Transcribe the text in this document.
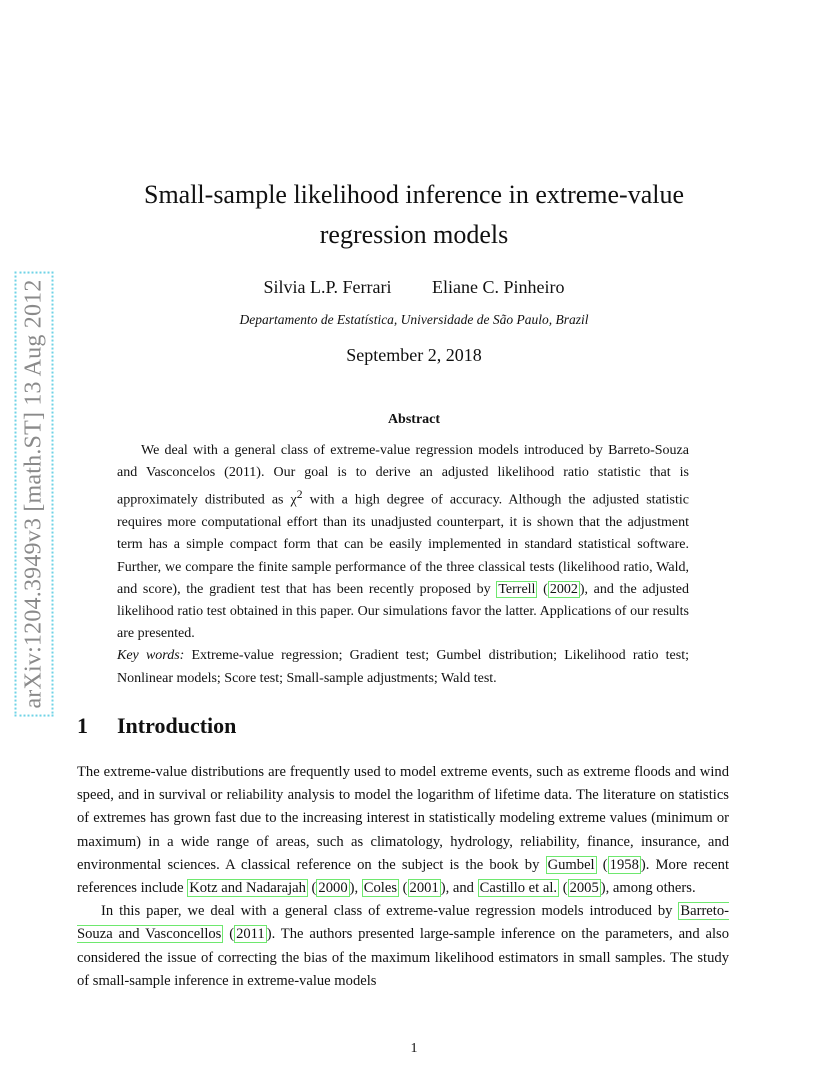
arXiv:1204.3949v3 [math.ST] 13 Aug 2012
Small-sample likelihood inference in extreme-value
regression models
Silvia L.P. Ferrari Eliane C. Pinheiro
Departamento de Estatística, Universidade de São Paulo, Brazil
September 2, 2018
Abstract

We deal with a general class of extreme-value regression models introduced by Barreto-Souza and Vasconcelos (2011). Our goal is to derive an adjusted likelihood ratio statistic that is approximately distributed as $\chi^2$ with a high degree of accuracy. Although the adjusted statistic requires more computational effort than its unadjusted counterpart, it is shown that the adjustment term has a simple compact form that can be easily implemented in standard statistical software. Further, we compare the finite sample performance of the three classical tests (likelihood ratio, Wald, and score), the gradient test that has been recently proposed by Terrell ( 2002 ), and the adjusted likelihood ratio test obtained in this paper. Our simulations favor the latter. Applications of our results are presented.

Key words: Extreme-value regression; Gradient test; Gumbel distribution; Likelihood ratio test; Nonlinear models; Score test; Small-sample adjustments; Wald test.

1 Introduction

The extreme-value distributions are frequently used to model extreme events, such as extreme floods and wind speed, and in survival or reliability analysis to model the logarithm of lifetime data. The literature on statistics of extremes has grown fast due to the increasing interest in statistically modeling extreme values (minimum or maximum) in a wide range of areas, such as climatology, hydrology, reliability, finance, insurance, and environmental sciences. A classical reference on the subject is the book by Gumbel ( 1958 ). More recent references include Kotz and Nadarajah ( 2000 ), Coles ( 2001 ), and Castillo et al. ( 2005 ), among others.

In this paper, we deal with a general class of extreme-value regression models introduced by Barreto-Souza and Vasconcellos ( 2011 ). The authors presented large-sample inference on the parameters, and also considered the issue of correcting the bias of the maximum likelihood estimators in small samples. The study of small-sample inference in extreme-value models

1
